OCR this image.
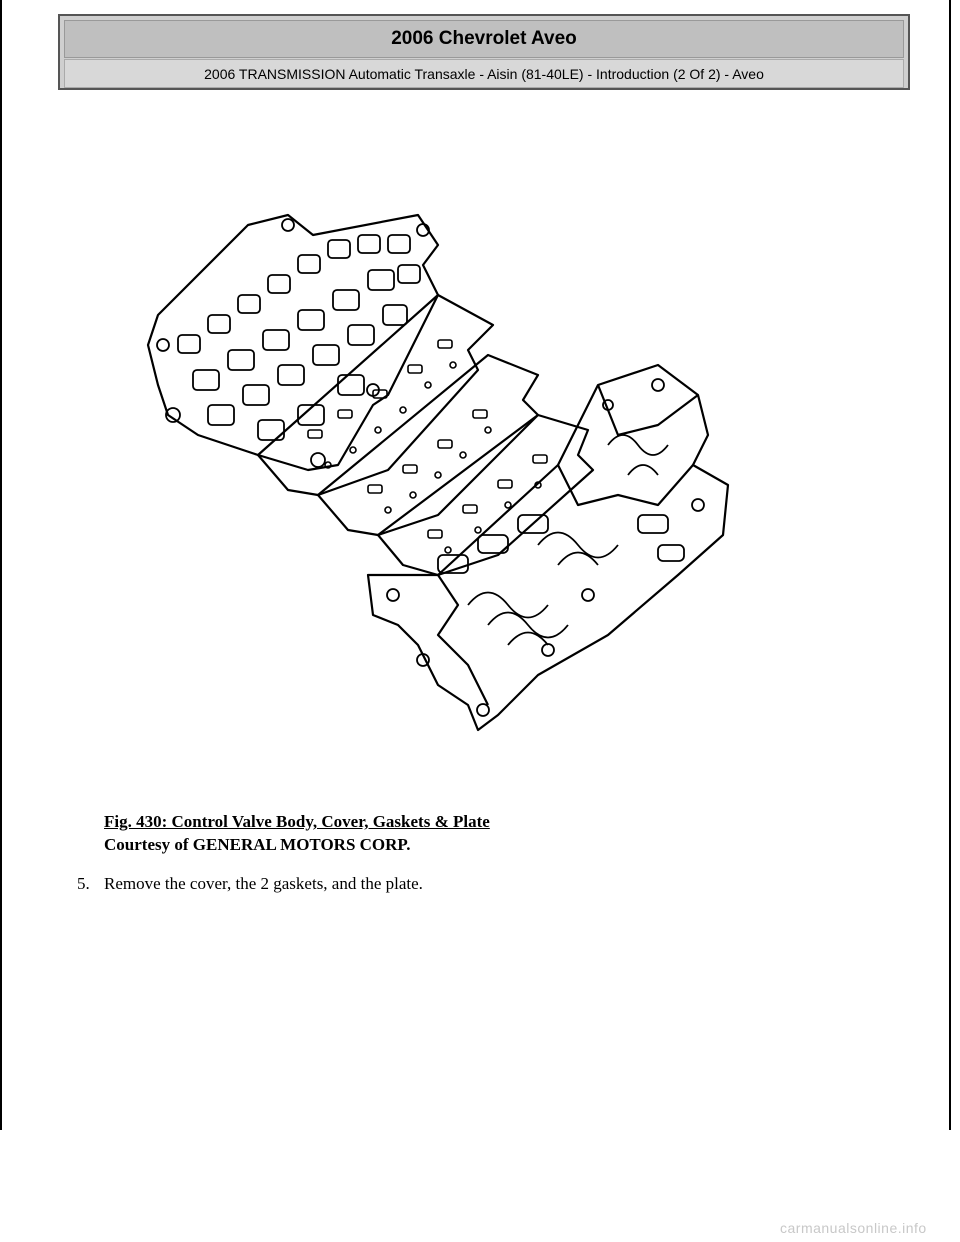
2006 Chevrolet Aveo
2006 TRANSMISSION Automatic Transaxle - Aisin (81-40LE) - Introduction (2 Of 2) - Aveo
Fig. 430: Control Valve Body, Cover, Gaskets & Plate
Courtesy of GENERAL MOTORS CORP.
5. Remove the cover, the 2 gaskets, and the plate.
carmanualsonline.info
